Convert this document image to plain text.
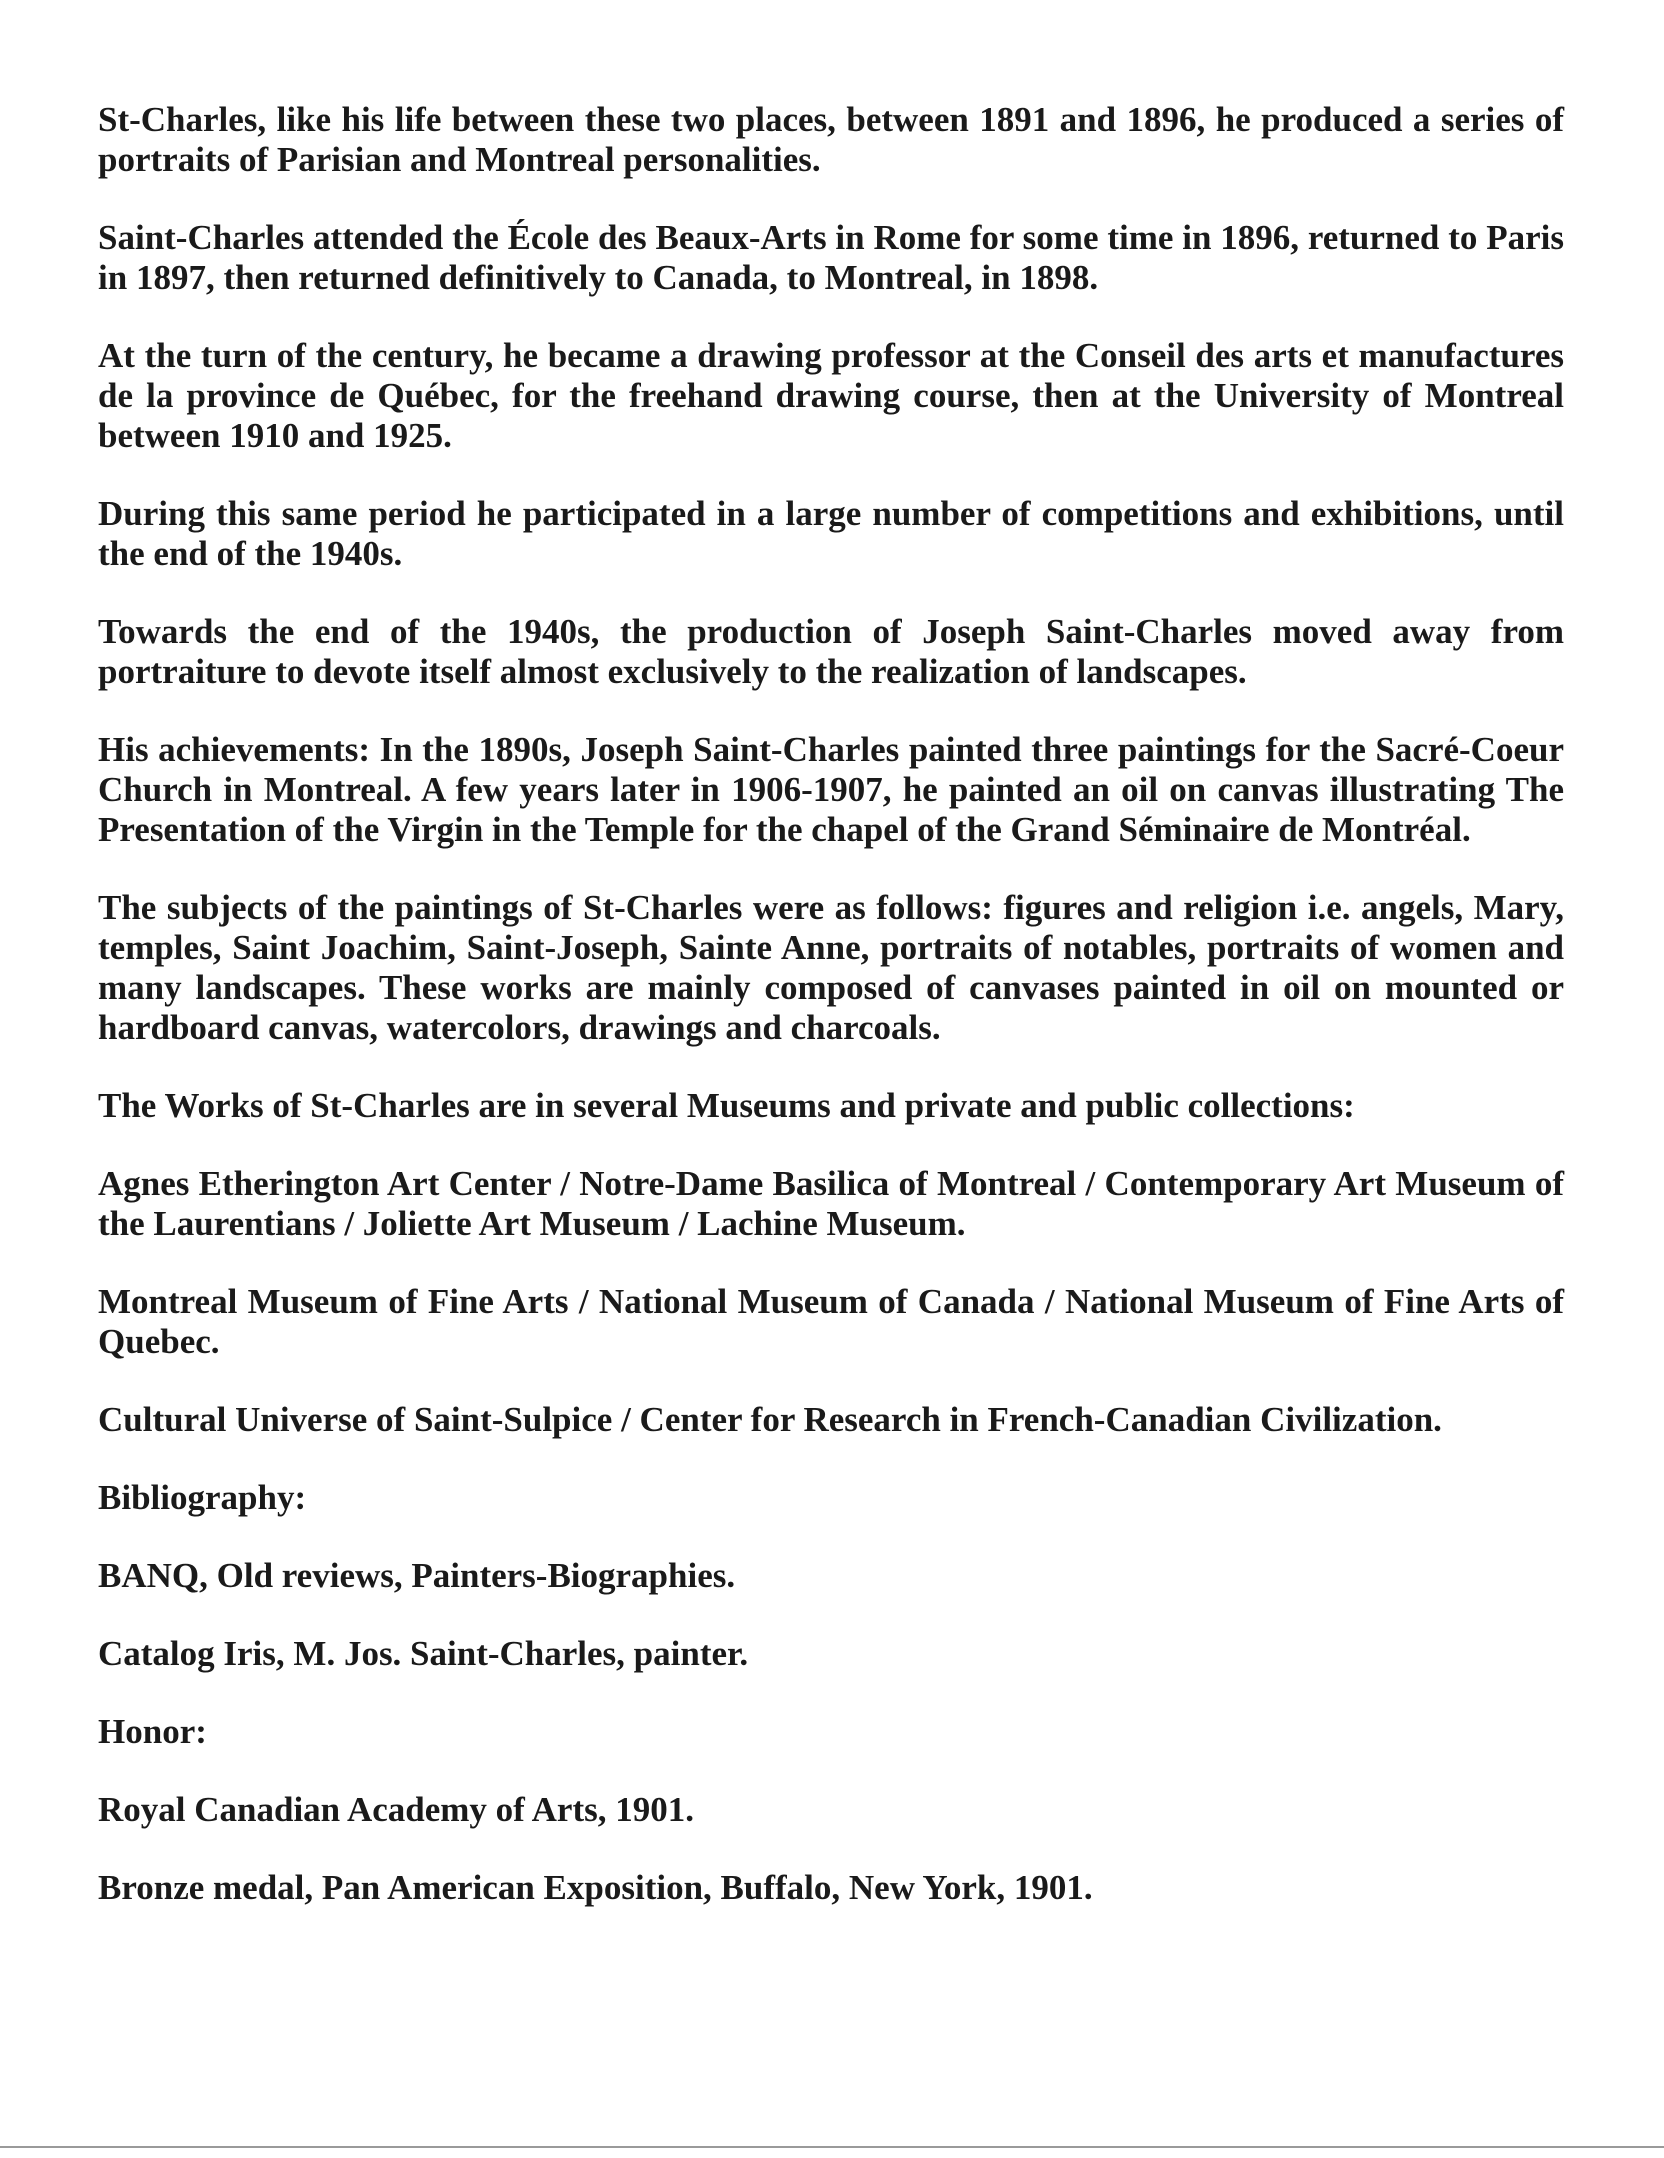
St-Charles, like his life between these two places, between 1891 and 1896, he produced a series of portraits of Parisian and Montreal personalities.

Saint-Charles attended the École des Beaux-Arts in Rome for some time in 1896, returned to Paris in 1897, then returned definitively to Canada, to Montreal, in 1898.

At the turn of the century, he became a drawing professor at the Conseil des arts et manufactures de la province de Québec, for the freehand drawing course, then at the University of Montreal between 1910 and 1925.

During this same period he participated in a large number of competitions and exhibitions, until the end of the 1940s.

Towards the end of the 1940s, the production of Joseph Saint-Charles moved away from portraiture to devote itself almost exclusively to the realization of landscapes.

His achievements: In the 1890s, Joseph Saint-Charles painted three paintings for the Sacré-Coeur Church in Montreal. A few years later in 1906-1907, he painted an oil on canvas illustrating The Presentation of the Virgin in the Temple for the chapel of the Grand Séminaire de Montréal.

The subjects of the paintings of St-Charles were as follows: figures and religion i.e. angels, Mary, temples, Saint Joachim, Saint-Joseph, Sainte Anne, portraits of notables, portraits of women and many landscapes. These works are mainly composed of canvases painted in oil on mounted or hardboard canvas, watercolors, drawings and charcoals.

The Works of St-Charles are in several Museums and private and public collections:

Agnes Etherington Art Center / Notre-Dame Basilica of Montreal / Contemporary Art Museum of the Laurentians / Joliette Art Museum / Lachine Museum.

Montreal Museum of Fine Arts / National Museum of Canada / National Museum of Fine Arts of Quebec.

Cultural Universe of Saint-Sulpice / Center for Research in French-Canadian Civilization.

Bibliography:

BANQ, Old reviews, Painters-Biographies.

Catalog Iris, M. Jos. Saint-Charles, painter.

Honor:

Royal Canadian Academy of Arts, 1901.

Bronze medal, Pan American Exposition, Buffalo, New York, 1901.
